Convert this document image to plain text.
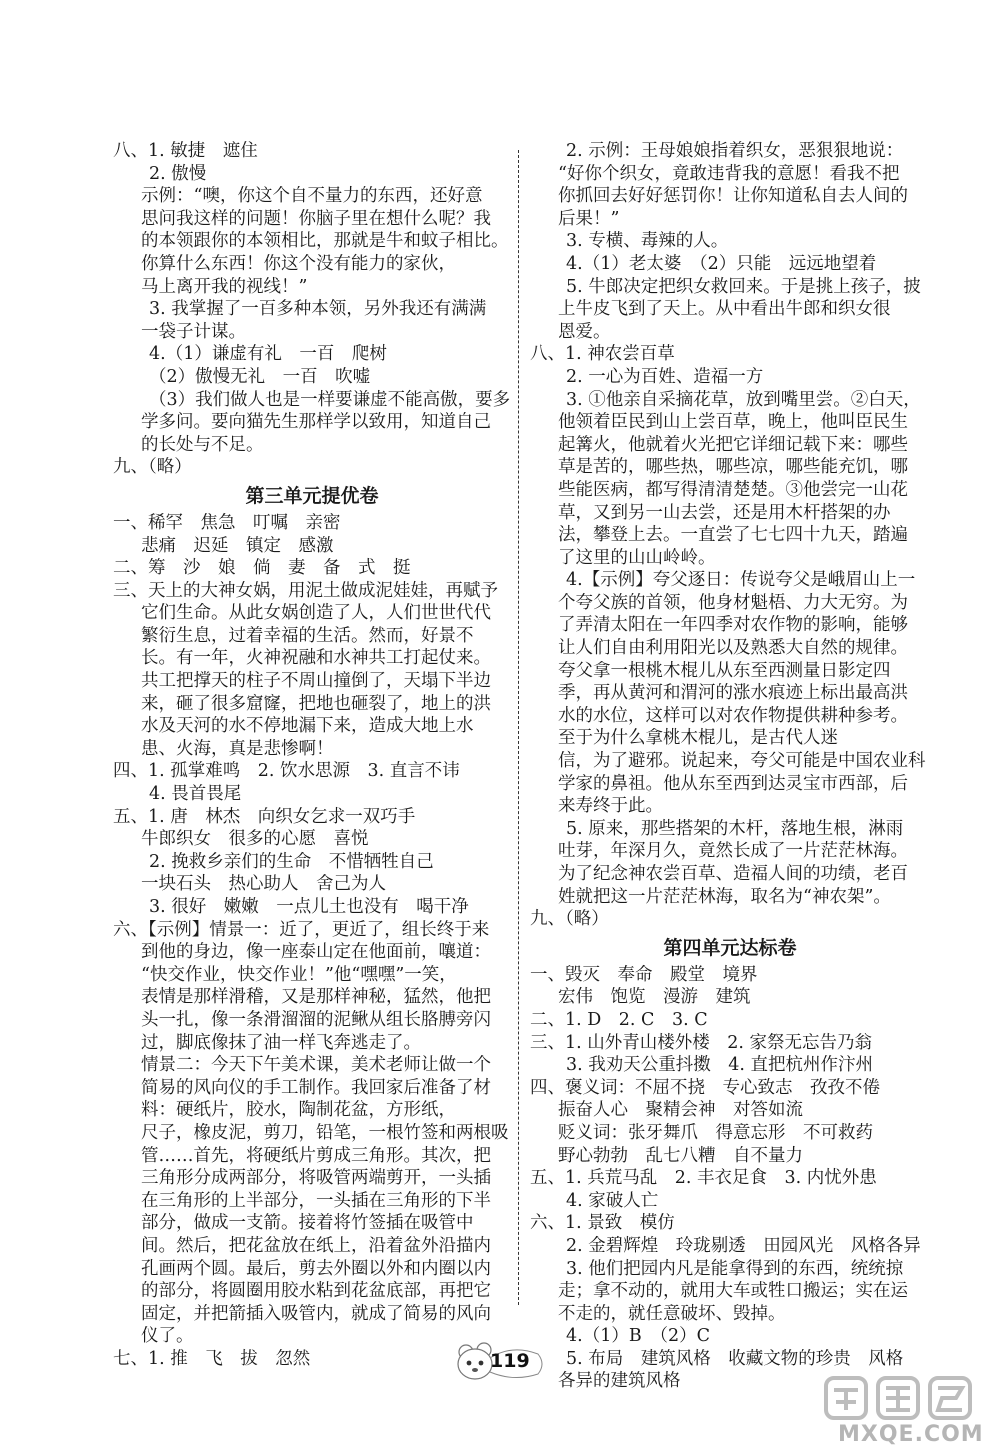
八、1. 敏捷　遮住
2. 傲慢
示例：“噢，你这个自不量力的东西，还好意
思问我这样的问题！你脑子里在想什么呢？我
的本领跟你的本领相比，那就是牛和蚊子相比。
你算什么东西！你这个没有能力的家伙，
马上离开我的视线！”
3. 我掌握了一百多种本领，另外我还有满满
一袋子计谋。
4.（1）谦虚有礼　一百　爬树
（2）傲慢无礼　一百　吹嘘
（3）我们做人也是一样要谦虚不能高傲，要多
学多问。要向猫先生那样学以致用，知道自己
的长处与不足。
九、（略）
第三单元提优卷
一、稀罕　焦急　叮嘱　亲密
悲痛　迟延　镇定　感激
二、筹　沙　娘　倘　妻　备　式　挺
三、天上的大神女娲，用泥土做成泥娃娃，再赋予
它们生命。从此女娲创造了人，人们世世代代
繁衍生息，过着幸福的生活。然而，好景不
长。有一年，火神祝融和水神共工打起仗来。
共工把撑天的柱子不周山撞倒了，天塌下半边
来，砸了很多窟窿，把地也砸裂了，地上的洪
水及天河的水不停地漏下来，造成大地上水
患、火海，真是悲惨啊！
四、1. 孤掌难鸣　2. 饮水思源　3. 直言不讳
4. 畏首畏尾
五、1. 唐　林杰　向织女乞求一双巧手
牛郎织女　很多的心愿　喜悦
2. 挽救乡亲们的生命　不惜牺牲自己
一块石头　热心助人　舍己为人
3. 很好　嫩嫩　一点儿土也没有　喝干净
六、【示例】情景一：近了，更近了，组长终于来
到他的身边，像一座泰山定在他面前，嚷道：
“快交作业，快交作业！”他“嘿嘿”一笑，
表情是那样滑稽，又是那样神秘，猛然，他把
头一扎，像一条滑溜溜的泥鳅从组长胳膊旁闪
过，脚底像抹了油一样飞奔逃走了。
情景二：今天下午美术课，美术老师让做一个
简易的风向仪的手工制作。我回家后准备了材
料：硬纸片，胶水，陶制花盆，方形纸，
尺子，橡皮泥，剪刀，铅笔，一根竹签和两根吸
管……首先，将硬纸片剪成三角形。其次，把
三角形分成两部分，将吸管两端剪开，一头插
在三角形的上半部分，一头插在三角形的下半
部分，做成一支箭。接着将竹签插在吸管中
间。然后，把花盆放在纸上，沿着盆外沿描内
孔画两个圆。最后，剪去外圈以外和内圈以内
的部分，将圆圈用胶水粘到花盆底部，再把它
固定，并把箭插入吸管内，就成了简易的风向
仪了。
七、1. 推　飞　拔　忽然
2. 示例：王母娘娘指着织女，恶狠狠地说：
“好你个织女，竟敢违背我的意愿！看我不把
你抓回去好好惩罚你！让你知道私自去人间的
后果！”
3. 专横、毒辣的人。
4.（1）老太婆　（2）只能　远远地望着
5. 牛郎决定把织女救回来。于是挑上孩子，披
上牛皮飞到了天上。从中看出牛郎和织女很
恩爱。
八、1. 神农尝百草
2. 一心为百姓、造福一方
3. ①他亲自采摘花草，放到嘴里尝。②白天，
他领着臣民到山上尝百草，晚上，他叫臣民生
起篝火，他就着火光把它详细记载下来：哪些
草是苦的，哪些热，哪些凉，哪些能充饥，哪
些能医病，都写得清清楚楚。③他尝完一山花
草，又到另一山去尝，还是用木杆搭架的办
法，攀登上去。一直尝了七七四十九天，踏遍
了这里的山山岭岭。
4.【示例】夸父逐日：传说夸父是峨眉山上一
个夸父族的首领，他身材魁梧、力大无穷。为
了弄清太阳在一年四季对农作物的影响，能够
让人们自由利用阳光以及熟悉大自然的规律。
夸父拿一根桃木棍儿从东至西测量日影定四
季，再从黄河和渭河的涨水痕迹上标出最高洪
水的水位，这样可以对农作物提供耕种参考。
至于为什么拿桃木棍儿，是古代人迷
信，为了避邪。说起来，夸父可能是中国农业科
学家的鼻祖。他从东至西到达灵宝市西部，后
来寿终于此。
5. 原来，那些搭架的木杆，落地生根，淋雨
吐芽，年深月久，竟然长成了一片茫茫林海。
为了纪念神农尝百草、造福人间的功绩，老百
姓就把这一片茫茫林海，取名为“神农架”。
九、（略）
第四单元达标卷
一、毁灭　奉命　殿堂　境界
宏伟　饱览　漫游　建筑
二、1. D　2. C　3. C
三、1. 山外青山楼外楼　2. 家祭无忘告乃翁
3. 我劝天公重抖擞　4. 直把杭州作汴州
四、褒义词：不屈不挠　专心致志　孜孜不倦
振奋人心　聚精会神　对答如流
贬义词：张牙舞爪　得意忘形　不可救药
野心勃勃　乱七八糟　自不量力
五、1. 兵荒马乱　2. 丰衣足食　3. 内忧外患
4. 家破人亡
六、1. 景致　模仿
2. 金碧辉煌　玲珑剔透　田园风光　风格各异
3. 他们把园内凡是能拿得到的东西，统统掠
走；拿不动的，就用大车或牲口搬运；实在运
不走的，就任意破坏、毁掉。
4.（1）B　（2）C
5. 布局　建筑风格　收藏文物的珍贵　风格
各异的建筑风格
119
MXQE.COM
